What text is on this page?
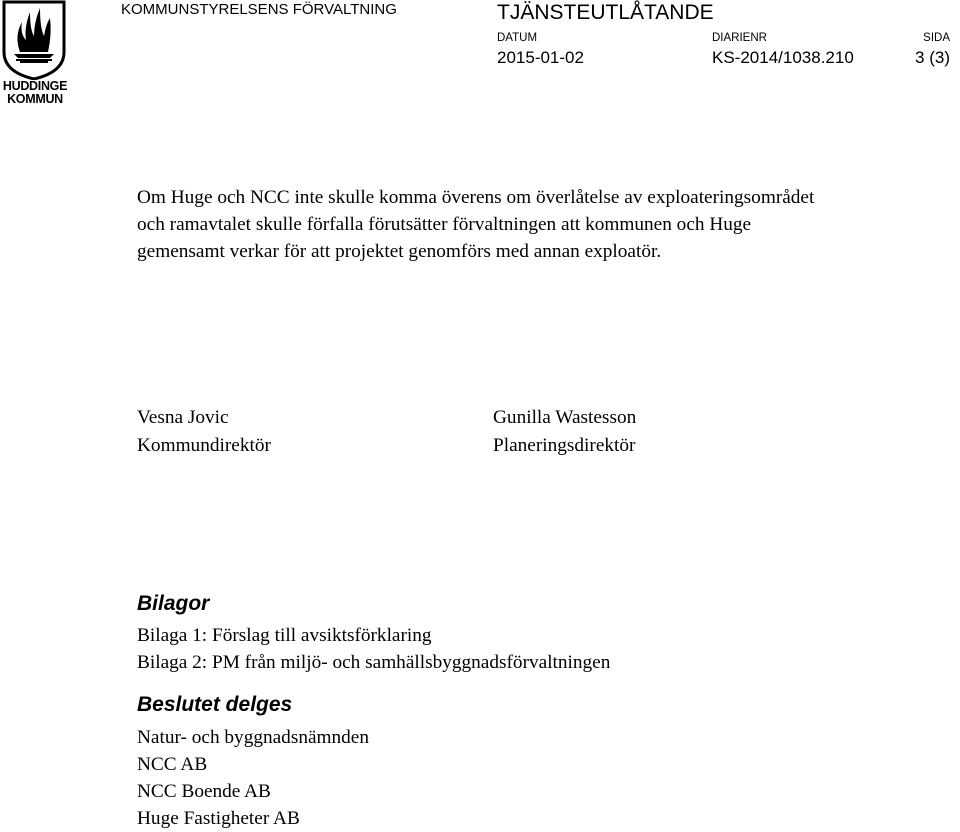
HUDDINGE
KOMMUN
KOMMUNSTYRELSENS FÖRVALTNING	TJÄNSTEUTLÅTANDE
DATUM
2015-01-02
DIARIENR
KS-2014/1038.210
SIDA
3 (3)

Om Huge och NCC inte skulle komma överens om överlåtelse av exploateringsområdet och ramavtalet skulle förfalla förutsätter förvaltningen att kommunen och Huge gemensamt verkar för att projektet genomförs med annan exploatör.

Vesna Jovic
Kommundirektör
Gunilla Wastesson
Planeringsdirektör
Bilagor
Bilaga 1: Förslag till avsiktsförklaring
Bilaga 2: PM från miljö- och samhällsbyggnadsförvaltningen
Beslutet delges
Natur- och byggnadsnämnden
NCC AB
NCC Boende AB
Huge Fastigheter AB
